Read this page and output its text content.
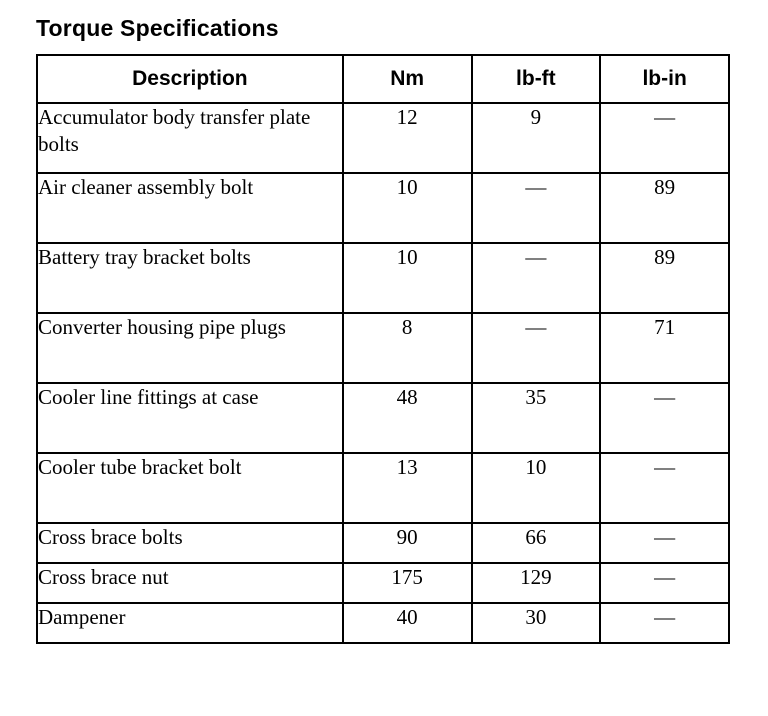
Torque Specifications
Description	Nm	lb-ft	lb-in
Accumulator body transfer plate bolts	12	9	—
Air cleaner assembly bolt	10	—	89
Battery tray bracket bolts	10	—	89
Converter housing pipe plugs	8	—	71
Cooler line fittings at case	48	35	—
Cooler tube bracket bolt	13	10	—
Cross brace bolts	90	66	—
Cross brace nut	175	129	—
Dampener	40	30	—
